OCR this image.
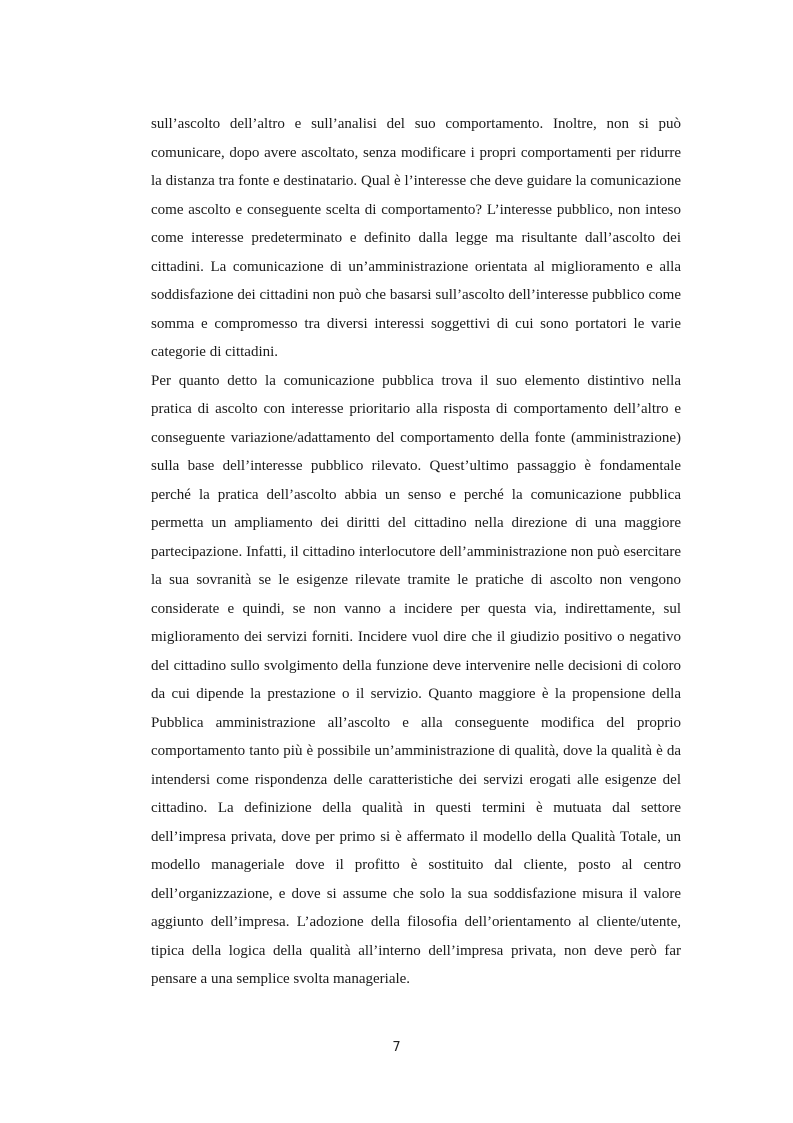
sull’ascolto dell’altro e sull’analisi del suo comportamento. Inoltre, non si può comunicare, dopo avere ascoltato, senza modificare i propri comportamenti per ridurre la distanza tra fonte e destinatario. Qual è l’interesse che deve guidare la comunicazione come ascolto e conseguente scelta di comportamento? L’interesse pubblico, non inteso come interesse predeterminato e definito dalla legge ma risultante dall’ascolto dei cittadini. La comunicazione di un’amministrazione orientata al miglioramento e alla soddisfazione dei cittadini non può che basarsi sull’ascolto dell’interesse pubblico come somma e compromesso tra diversi interessi soggettivi di cui sono portatori le varie categorie di cittadini.

Per quanto detto la comunicazione pubblica trova il suo elemento distintivo nella pratica di ascolto con interesse prioritario alla risposta di comportamento dell’altro e conseguente variazione/adattamento del comportamento della fonte (amministrazione) sulla base dell’interesse pubblico rilevato. Quest’ultimo passaggio è fondamentale perché la pratica dell’ascolto abbia un senso e perché la comunicazione pubblica permetta un ampliamento dei diritti del cittadino nella direzione di una maggiore partecipazione. Infatti, il cittadino interlocutore dell’amministrazione non può esercitare la sua sovranità se le esigenze rilevate tramite le pratiche di ascolto non vengono considerate e quindi, se non vanno a incidere per questa via, indirettamente, sul miglioramento dei servizi forniti. Incidere vuol dire che il giudizio positivo o negativo del cittadino sullo svolgimento della funzione deve intervenire nelle decisioni di coloro da cui dipende la prestazione o il servizio. Quanto maggiore è la propensione della Pubblica amministrazione all’ascolto e alla conseguente modifica del proprio comportamento tanto più è possibile un’amministrazione di qualità, dove la qualità è da intendersi come rispondenza delle caratteristiche dei servizi erogati alle esigenze del cittadino. La definizione della qualità in questi termini è mutuata dal settore dell’impresa privata, dove per primo si è affermato il modello della Qualità Totale, un modello manageriale dove il profitto è sostituito dal cliente, posto al centro dell’organizzazione, e dove si assume che solo la sua soddisfazione misura il valore aggiunto dell’impresa. L’adozione della filosofia dell’orientamento al cliente/utente, tipica della logica della qualità all’interno dell’impresa privata, non deve però far pensare a una semplice svolta manageriale.

7
